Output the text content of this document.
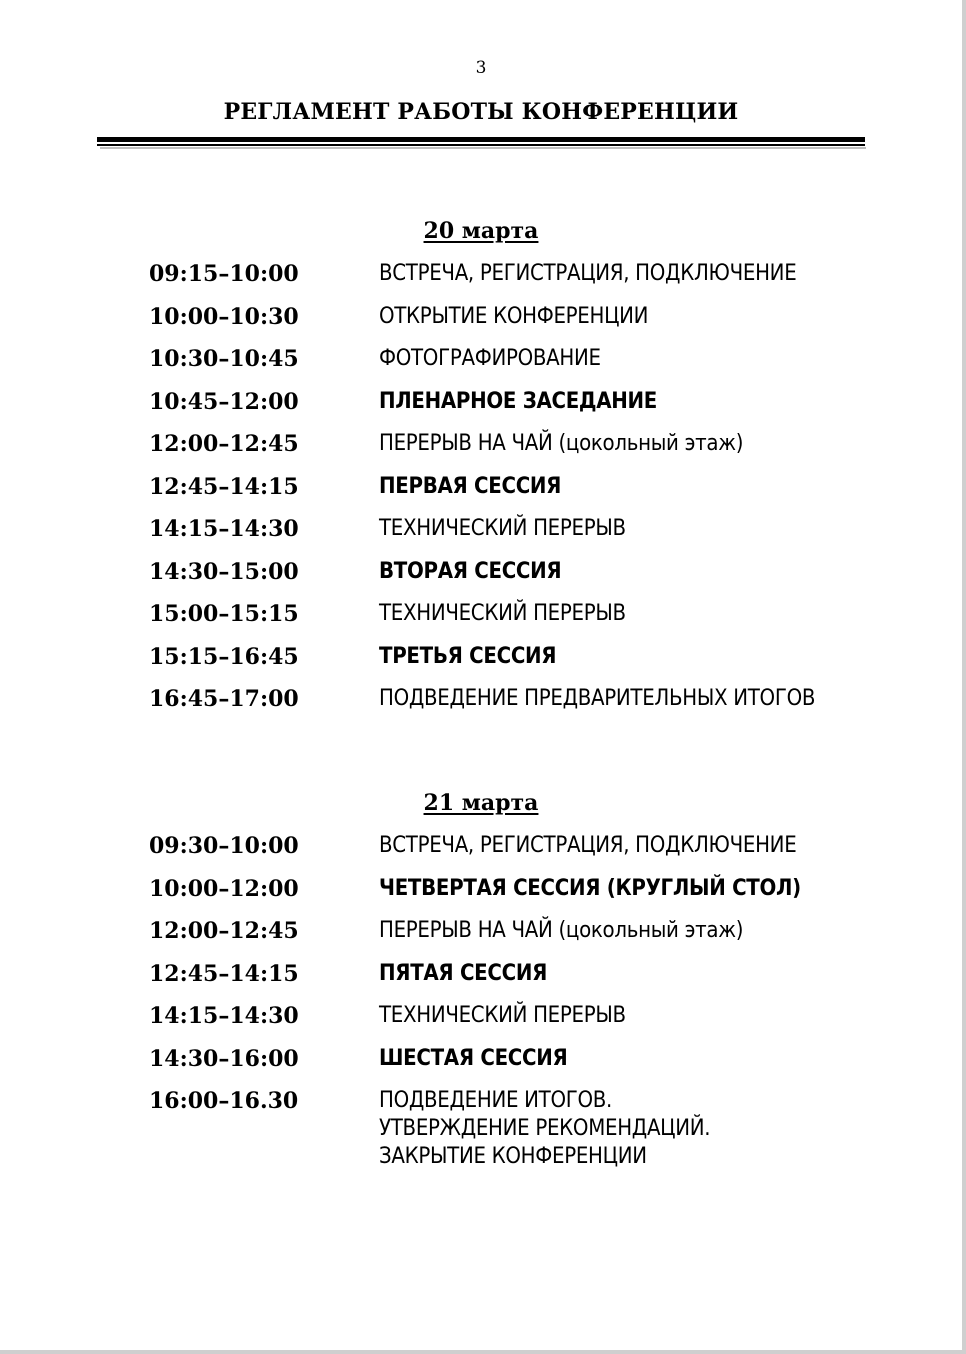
3
РЕГЛАМЕНТ РАБОТЫ КОНФЕРЕНЦИИ
20 марта
09:15–10:00	ВСТРЕЧА, РЕГИСТРАЦИЯ, ПОДКЛЮЧЕНИЕ
10:00–10:30	ОТКРЫТИЕ КОНФЕРЕНЦИИ
10:30–10:45	ФОТОГРАФИРОВАНИЕ
10:45–12:00	ПЛЕНАРНОЕ ЗАСЕДАНИЕ
12:00–12:45	ПЕРЕРЫВ НА ЧАЙ (цокольный этаж)
12:45–14:15	ПЕРВАЯ СЕССИЯ
14:15–14:30	ТЕХНИЧЕСКИЙ ПЕРЕРЫВ
14:30–15:00	ВТОРАЯ СЕССИЯ
15:00–15:15	ТЕХНИЧЕСКИЙ ПЕРЕРЫВ
15:15–16:45	ТРЕТЬЯ СЕССИЯ
16:45–17:00	ПОДВЕДЕНИЕ ПРЕДВАРИТЕЛЬНЫХ ИТОГОВ
21 марта
09:30–10:00	ВСТРЕЧА, РЕГИСТРАЦИЯ, ПОДКЛЮЧЕНИЕ
10:00–12:00	ЧЕТВЕРТАЯ СЕССИЯ (КРУГЛЫЙ СТОЛ)
12:00–12:45	ПЕРЕРЫВ НА ЧАЙ (цокольный этаж)
12:45–14:15	ПЯТАЯ СЕССИЯ
14:15–14:30	ТЕХНИЧЕСКИЙ ПЕРЕРЫВ
14:30–16:00	ШЕСТАЯ СЕССИЯ
16:00–16.30	ПОДВЕДЕНИЕ ИТОГОВ.
УТВЕРЖДЕНИЕ РЕКОМЕНДАЦИЙ.
ЗАКРЫТИЕ КОНФЕРЕНЦИИ
